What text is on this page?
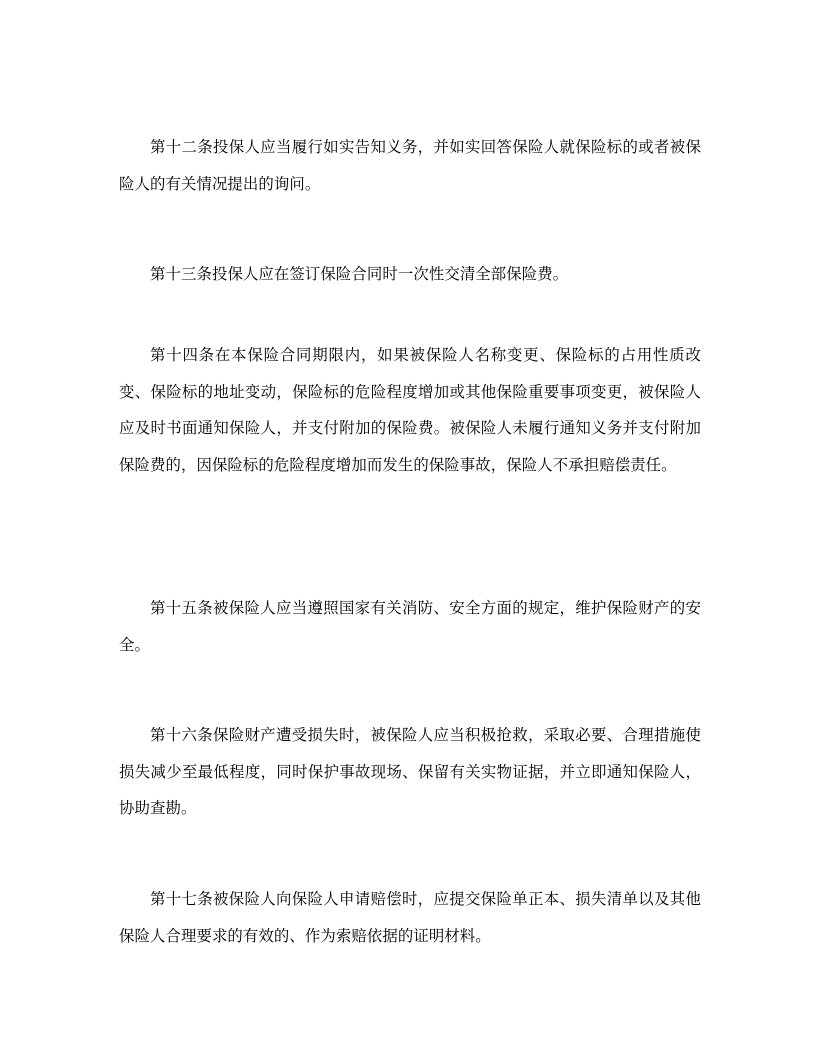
第十二条投保人应当履行如实告知义务，并如实回答保险人就保险标的或者被保险人的有关情况提出的询问。

第十三条投保人应在签订保险合同时一次性交清全部保险费。

第十四条在本保险合同期限内，如果被保险人名称变更、保险标的占用性质改变、保险标的地址变动，保险标的危险程度增加或其他保险重要事项变更，被保险人应及时书面通知保险人，并支付附加的保险费。被保险人未履行通知义务并支付附加保险费的，因保险标的危险程度增加而发生的保险事故，保险人不承担赔偿责任。

第十五条被保险人应当遵照国家有关消防、安全方面的规定，维护保险财产的安全。

第十六条保险财产遭受损失时，被保险人应当积极抢救，采取必要、合理措施使损失减少至最低程度，同时保护事故现场、保留有关实物证据，并立即通知保险人，协助查勘。

第十七条被保险人向保险人申请赔偿时，应提交保险单正本、损失清单以及其他保险人合理要求的有效的、作为索赔依据的证明材料。
